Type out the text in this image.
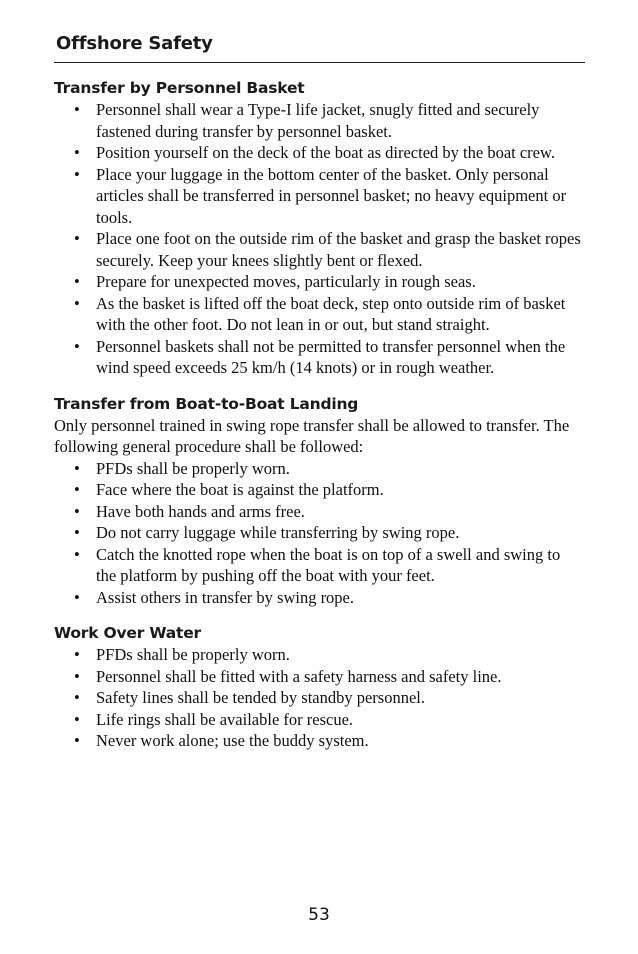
Offshore Safety
Transfer by Personnel Basket
• Personnel shall wear a Type-I life jacket, snugly fitted and securely fastened during transfer by personnel basket.
• Position yourself on the deck of the boat as directed by the boat crew.
• Place your luggage in the bottom center of the basket. Only personal articles shall be transferred in personnel basket; no heavy equipment or tools.
• Place one foot on the outside rim of the basket and grasp the basket ropes securely. Keep your knees slightly bent or flexed.
• Prepare for unexpected moves, particularly in rough seas.
• As the basket is lifted off the boat deck, step onto outside rim of basket with the other foot. Do not lean in or out, but stand straight.
• Personnel baskets shall not be permitted to transfer personnel when the wind speed exceeds 25 km/h (14 knots) or in rough weather.
Transfer from Boat-to-Boat Landing

Only personnel trained in swing rope transfer shall be allowed to transfer. The following general procedure shall be followed:

• PFDs shall be properly worn.
• Face where the boat is against the platform.
• Have both hands and arms free.
• Do not carry luggage while transferring by swing rope.
• Catch the knotted rope when the boat is on top of a swell and swing to the platform by pushing off the boat with your feet.
• Assist others in transfer by swing rope.
Work Over Water
• PFDs shall be properly worn.
• Personnel shall be fitted with a safety harness and safety line.
• Safety lines shall be tended by standby personnel.
• Life rings shall be available for rescue.
• Never work alone; use the buddy system.
53
